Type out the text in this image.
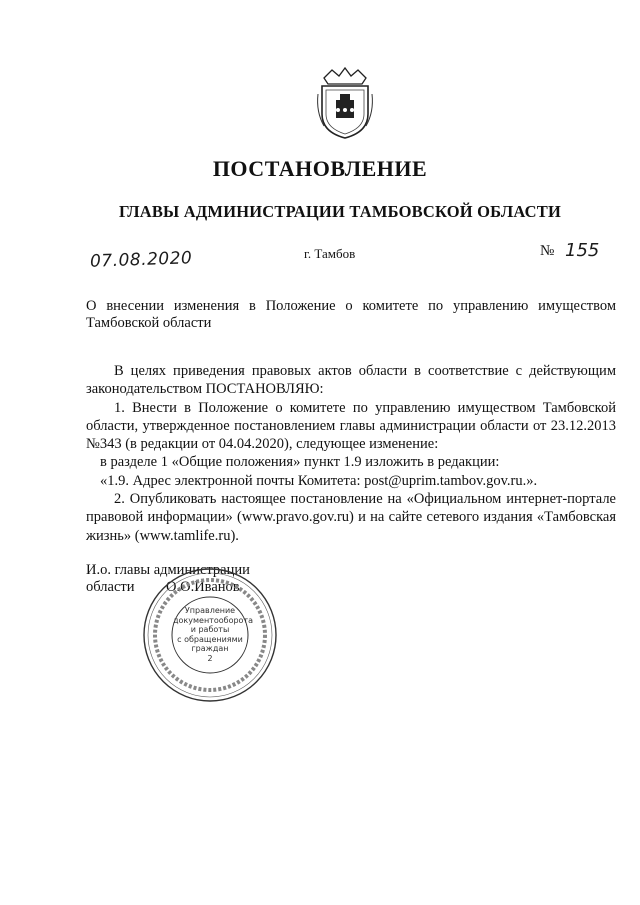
ПОСТАНОВЛЕНИЕ
ГЛАВЫ АДМИНИСТРАЦИИ ТАМБОВСКОЙ ОБЛАСТИ
07.08.2020	г. Тамбов	№ 155
О внесении изменения в Положение о комитете по управлению имуществом Тамбовской области

В целях приведения правовых актов области в соответствие с действующим законодательством ПОСТАНОВЛЯЮ:

1. Внести в Положение о комитете по управлению имуществом Тамбовской области, утвержденное постановлением главы администрации области от 23.12.2013 №343 (в редакции от 04.04.2020), следующее изменение:

в разделе 1 «Общие положения» пункт 1.9 изложить в редакции:

«1.9. Адрес электронной почты Комитета: post@uprim.tambov.gov.ru.».

2. Опубликовать настоящее постановление на «Официальном интернет-портале правовой информации» (www.pravo.gov.ru) и на сайте сетевого издания «Тамбовская жизнь» (www.tamlife.ru).

И.о. главы администрации
области	О.О.Иванов
Управление
документооборота
и работы
с обращениями
граждан
2
